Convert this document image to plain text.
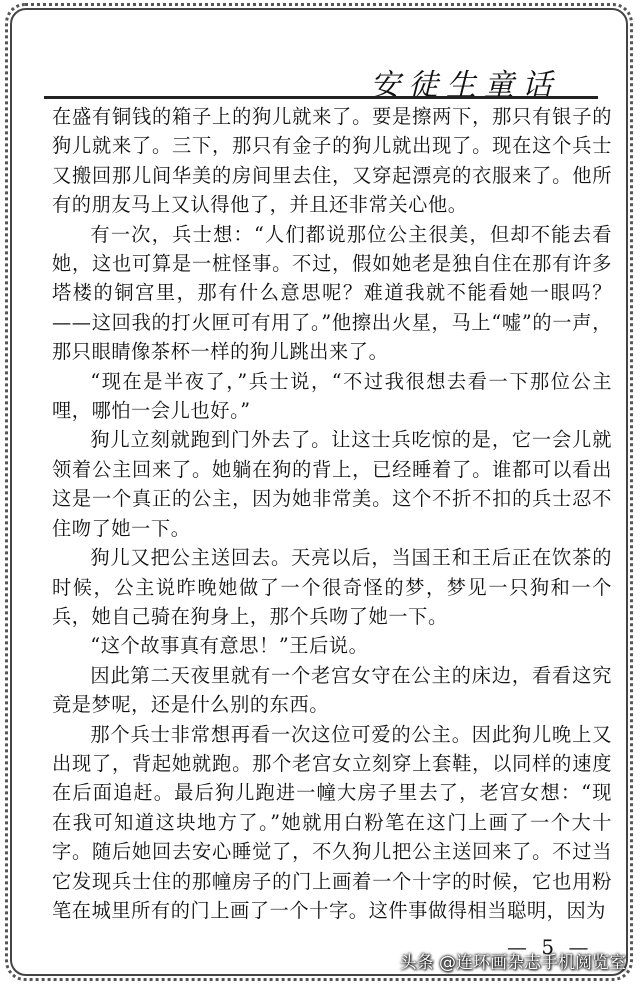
安徒生童话

在盛有铜钱的箱子上的狗儿就来了。要是擦两下，那只有银子的狗儿就来了。三下，那只有金子的狗儿就出现了。现在这个兵士又搬回那儿间华美的房间里去住，又穿起漂亮的衣服来了。他所有的朋友马上又认得他了，并且还非常关心他。

有一次，兵士想：“人们都说那位公主很美，但却不能去看她，这也可算是一桩怪事。不过，假如她老是独自住在那有许多塔楼的铜宫里，那有什么意思呢？难道我就不能看她一眼吗？——这回我的打火匣可有用了。”他擦出火星，马上“嘘”的一声，那只眼睛像茶杯一样的狗儿跳出来了。

“现在是半夜了，”兵士说，“不过我很想去看一下那位公主哩，哪怕一会儿也好。”

狗儿立刻就跑到门外去了。让这士兵吃惊的是，它一会儿就领着公主回来了。她躺在狗的背上，已经睡着了。谁都可以看出这是一个真正的公主，因为她非常美。这个不折不扣的兵士忍不住吻了她一下。

狗儿又把公主送回去。天亮以后，当国王和王后正在饮茶的时候，公主说昨晚她做了一个很奇怪的梦，梦见一只狗和一个兵，她自己骑在狗身上，那个兵吻了她一下。

“这个故事真有意思！”王后说。

因此第二天夜里就有一个老宫女守在公主的床边，看看这究竟是梦呢，还是什么别的东西。

那个兵士非常想再看一次这位可爱的公主。因此狗儿晚上又出现了，背起她就跑。那个老宫女立刻穿上套鞋，以同样的速度在后面追赶。最后狗儿跑进一幢大房子里去了，老宫女想：“现在我可知道这块地方了。”她就用白粉笔在这门上画了一个大十字。随后她回去安心睡觉了，不久狗儿把公主送回来了。不过当它发现兵士住的那幢房子的门上画着一个十字的时候，它也用粉笔在城里所有的门上画了一个十字。这件事做得相当聪明，因为

— 5 —
头条 @连环画杂志手机阅览室
